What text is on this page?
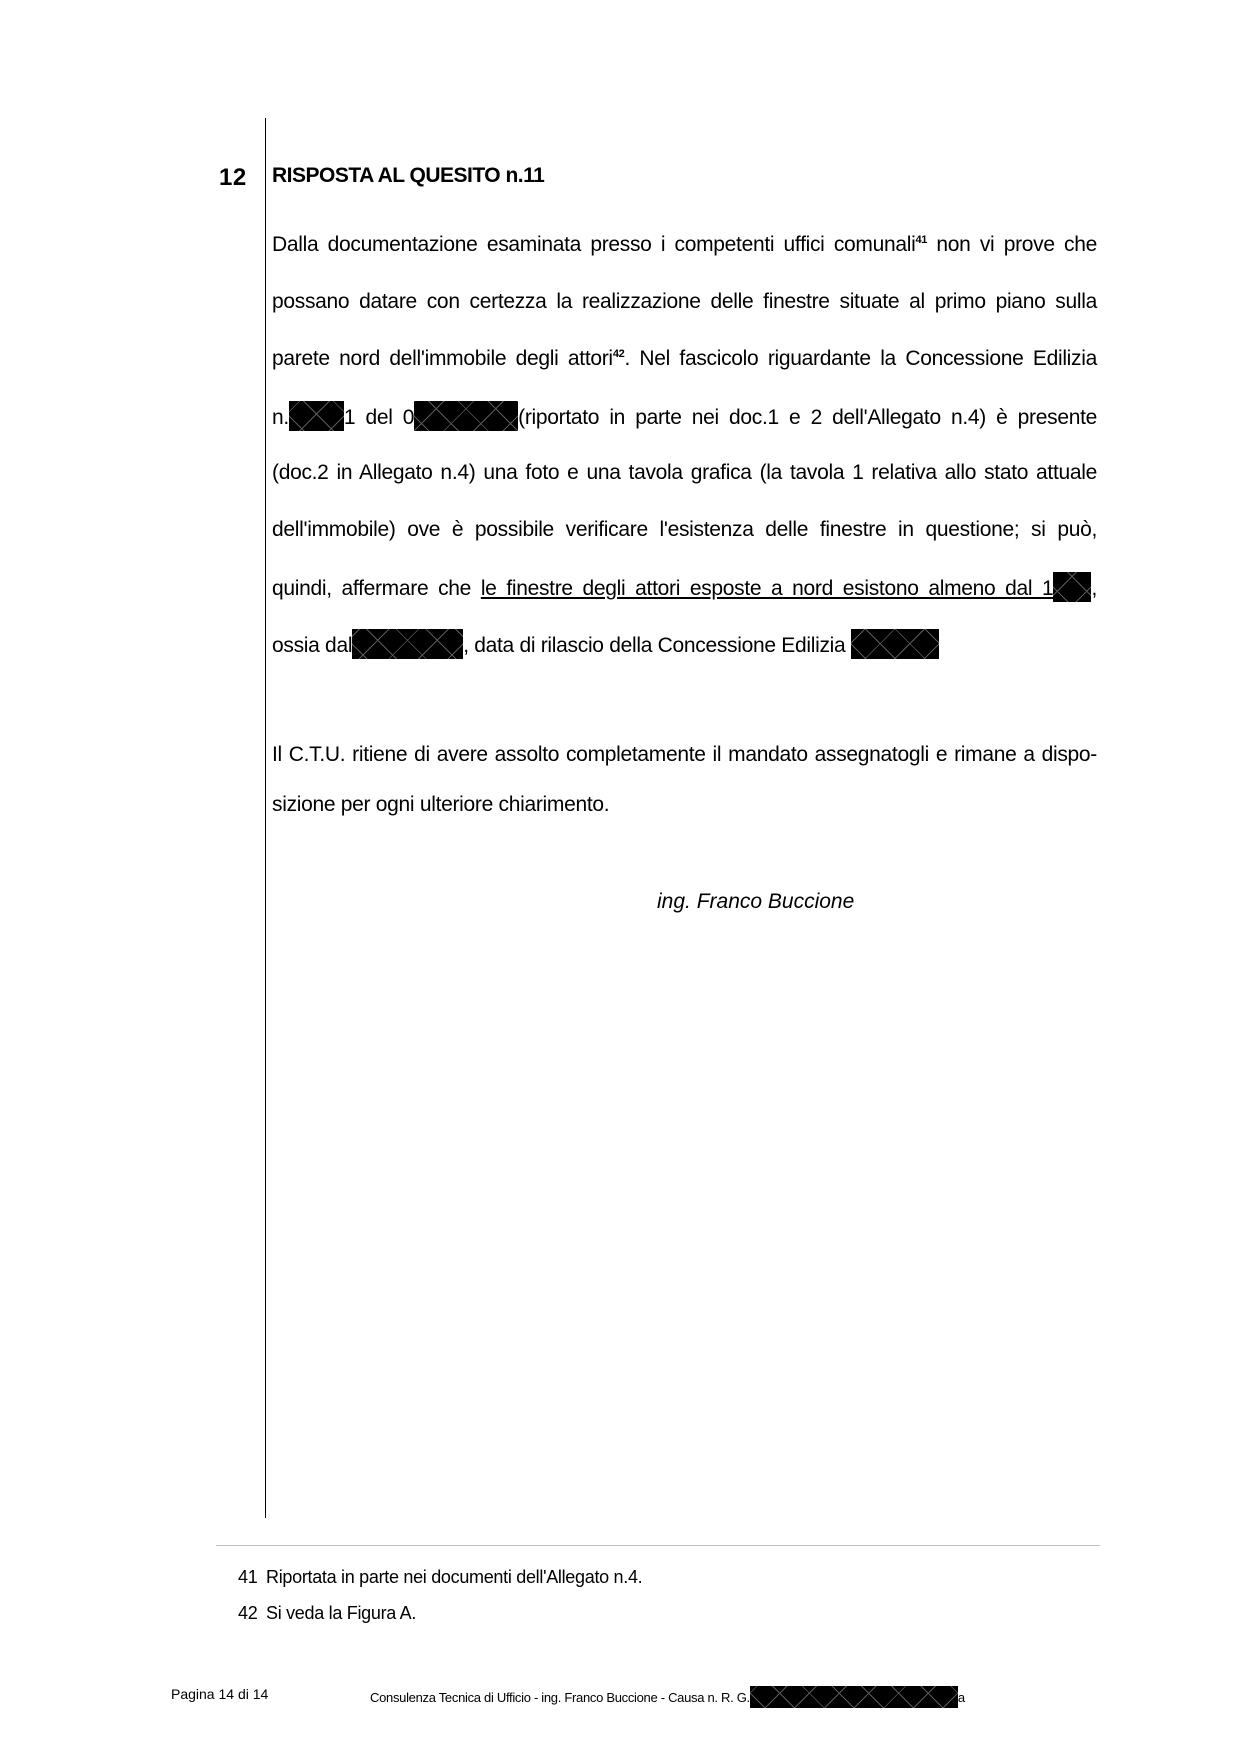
12 RISPOSTA AL QUESITO n.11
Dalla documentazione esaminata presso i competenti uffici comunali$^{41}$ non vi prove che
possano datare con certezza la realizzazione delle finestre situate al primo piano sulla
parete nord dell'immobile degli attori$^{42}$. Nel fascicolo riguardante la Concessione Edilizia
n.	1 del 0	(riportato in parte nei doc.1 e 2 dell'Allegato n.4) è presente
(doc.2 in Allegato n.4) una foto e una tavola grafica (la tavola 1 relativa allo stato attuale
dell'immobile) ove è possibile verificare l'esistenza delle finestre in questione; si può,
quindi, affermare che le finestre degli attori esposte a nord esistono almeno dal 1 ,
ossia dal	, data di rilascio della Concessione Edilizia
Il C.T.U. ritiene di avere assolto completamente il mandato assegnatogli e rimane a dispo-
sizione per ogni ulteriore chiarimento.
ing. Franco Buccione
41 Riportata in parte nei documenti dell'Allegato n.4.
42 Si veda la Figura A.
Pagina 14 di 14	Consulenza Tecnica di Ufficio - ing. Franco Buccione - Causa n. R. G.	a
